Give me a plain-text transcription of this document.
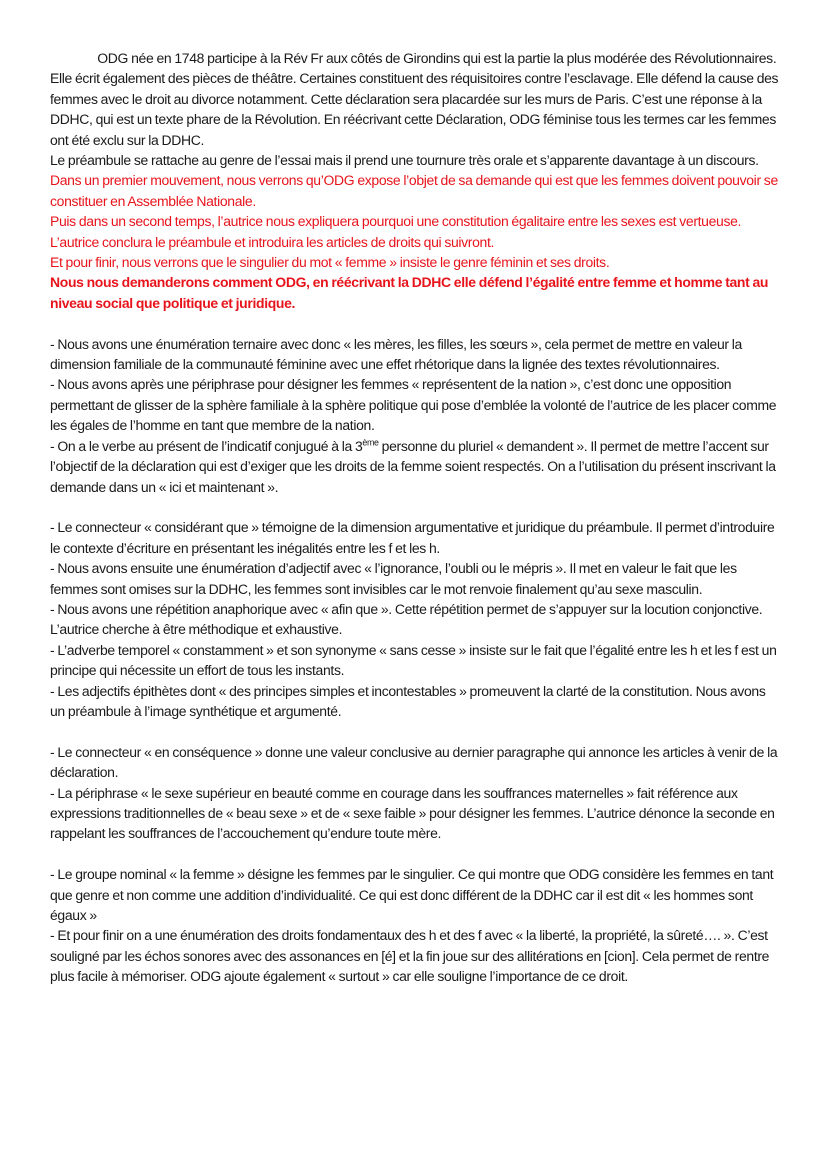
ODG née en 1748 participe à la Rév Fr aux côtés de Girondins qui est la partie la plus modérée des Révolutionnaires. Elle écrit également des pièces de théâtre. Certaines constituent des réquisitoires contre l’esclavage. Elle défend la cause des femmes avec le droit au divorce notamment. Cette déclaration sera placardée sur les murs de Paris. C’est une réponse à la DDHC, qui est un texte phare de la Révolution. En réécrivant cette Déclaration, ODG féminise tous les termes car les femmes ont été exclu sur la DDHC.

Le préambule se rattache au genre de l’essai mais il prend une tournure très orale et s’apparente davantage à un discours.

Dans un premier mouvement, nous verrons qu’ODG expose l’objet de sa demande qui est que les femmes doivent pouvoir se constituer en Assemblée Nationale.

Puis dans un second temps, l’autrice nous expliquera pourquoi une constitution égalitaire entre les sexes est vertueuse.

L’autrice conclura le préambule et introduira les articles de droits qui suivront.

Et pour finir, nous verrons que le singulier du mot « femme » insiste le genre féminin et ses droits.

Nous nous demanderons comment ODG, en réécrivant la DDHC elle défend l’égalité entre femme et homme tant au niveau social que politique et juridique.

- Nous avons une énumération ternaire avec donc « les mères, les filles, les sœurs », cela permet de mettre en valeur la dimension familiale de la communauté féminine avec une effet rhétorique dans la lignée des textes révolutionnaires.

- Nous avons après une périphrase pour désigner les femmes « représentent de la nation », c’est donc une opposition permettant de glisser de la sphère familiale à la sphère politique qui pose d’emblée la volonté de l’autrice de les placer comme les égales de l’homme en tant que membre de la nation.

- On a le verbe au présent de l’indicatif conjugué à la 3ème personne du pluriel « demandent ». Il permet de mettre l’accent sur l’objectif de la déclaration qui est d’exiger que les droits de la femme soient respectés. On a l’utilisation du présent inscrivant la demande dans un « ici et maintenant ».

- Le connecteur « considérant que » témoigne de la dimension argumentative et juridique du préambule. Il permet d’introduire le contexte d’écriture en présentant les inégalités entre les f et les h.

- Nous avons ensuite une énumération d’adjectif avec « l’ignorance, l’oubli ou le mépris ». Il met en valeur le fait que les femmes sont omises sur la DDHC, les femmes sont invisibles car le mot renvoie finalement qu’au sexe masculin.

- Nous avons une répétition anaphorique avec « afin que ». Cette répétition permet de s’appuyer sur la locution conjonctive. L’autrice cherche à être méthodique et exhaustive.

- L’adverbe temporel « constamment » et son synonyme « sans cesse » insiste sur le fait que l’égalité entre les h et les f est un principe qui nécessite un effort de tous les instants.

- Les adjectifs épithètes dont « des principes simples et incontestables » promeuvent la clarté de la constitution. Nous avons un préambule à l’image synthétique et argumenté.

- Le connecteur « en conséquence » donne une valeur conclusive au dernier paragraphe qui annonce les articles à venir de la déclaration.

- La périphrase « le sexe supérieur en beauté comme en courage dans les souffrances maternelles » fait référence aux expressions traditionnelles de « beau sexe » et de « sexe faible » pour désigner les femmes. L’autrice dénonce la seconde en rappelant les souffrances de l’accouchement qu’endure toute mère.

- Le groupe nominal « la femme » désigne les femmes par le singulier. Ce qui montre que ODG considère les femmes en tant que genre et non comme une addition d’individualité. Ce qui est donc différent de la DDHC car il est dit « les hommes sont égaux »

- Et pour finir on a une énumération des droits fondamentaux des h et des f avec « la liberté, la propriété, la sûreté…. ». C’est souligné par les échos sonores avec des assonances en [é] et la fin joue sur des allitérations en [cion]. Cela permet de rentre plus facile à mémoriser. ODG ajoute également « surtout » car elle souligne l’importance de ce droit.
